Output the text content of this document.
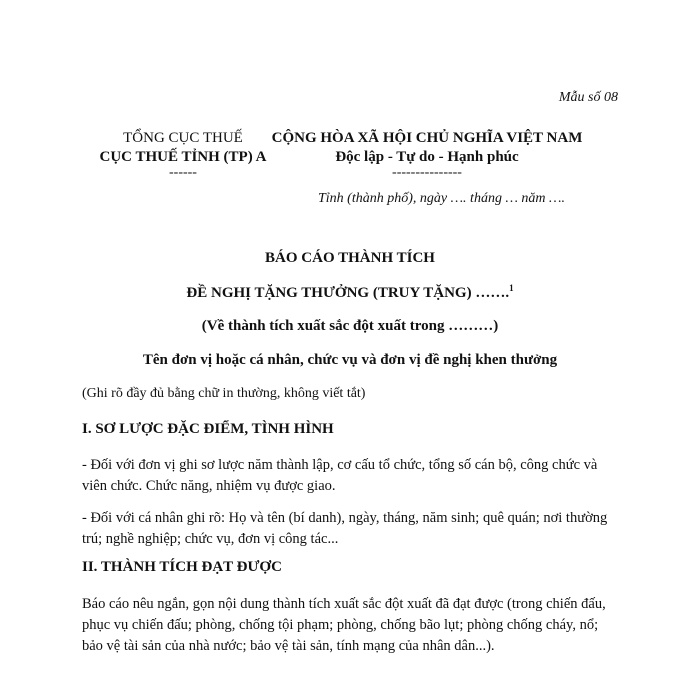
Mẫu số 08
TỔNG CỤC THUẾ
CỤC THUẾ TỈNH (TP) A
------
CỘNG HÒA XÃ HỘI CHỦ NGHĨA VIỆT NAM
Độc lập - Tự do - Hạnh phúc
---------------
Tỉnh (thành phố), ngày …. tháng … năm ….
BÁO CÁO THÀNH TÍCH
ĐỀ NGHỊ TẶNG THƯỞNG (TRUY TẶNG) …….$^1$
(Về thành tích xuất sắc đột xuất trong ………)
Tên đơn vị hoặc cá nhân, chức vụ và đơn vị đề nghị khen thưởng
(Ghi rõ đầy đủ bằng chữ in thường, không viết tắt)
I. SƠ LƯỢC ĐẶC ĐIỂM, TÌNH HÌNH
- Đối với đơn vị ghi sơ lược năm thành lập, cơ cấu tổ chức, tổng số cán bộ, công chức và viên chức. Chức năng, nhiệm vụ được giao.
- Đối với cá nhân ghi rõ: Họ và tên (bí danh), ngày, tháng, năm sinh; quê quán; nơi thường trú; nghề nghiệp; chức vụ, đơn vị công tác...
II. THÀNH TÍCH ĐẠT ĐƯỢC
Báo cáo nêu ngắn, gọn nội dung thành tích xuất sắc đột xuất đã đạt được (trong chiến đấu, phục vụ chiến đấu; phòng, chống tội phạm; phòng, chống bão lụt; phòng chống cháy, nổ; bảo vệ tài sản của nhà nước; bảo vệ tài sản, tính mạng của nhân dân...).
